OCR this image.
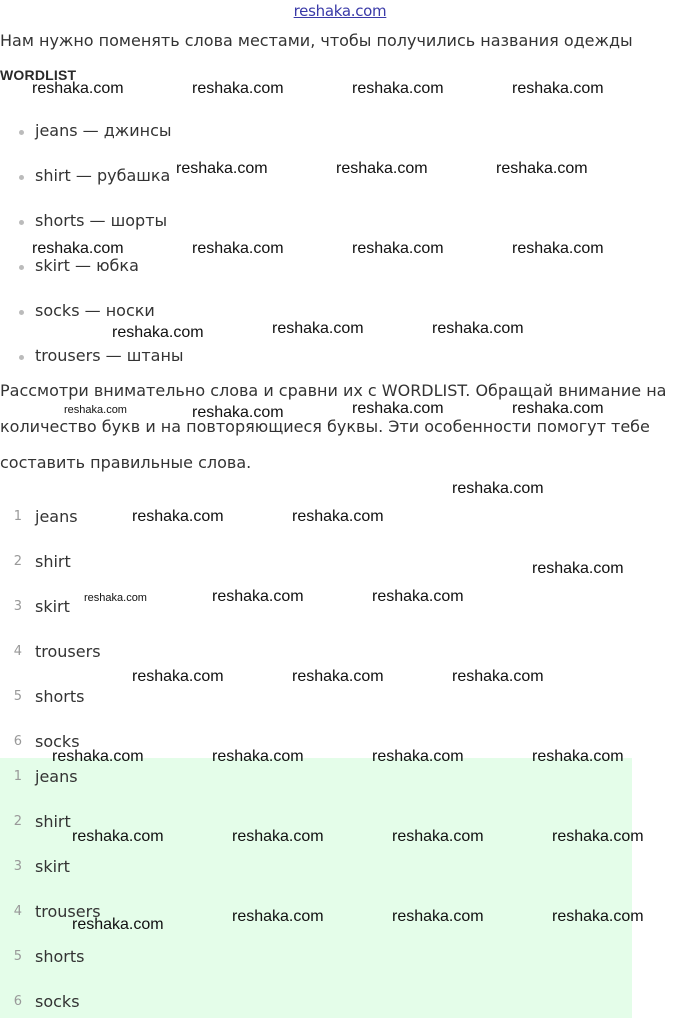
reshaka.com
Нам нужно поменять слова местами, чтобы получились названия одежды
WORDLIST
jeans — джинсы
shirt — рубашка
shorts — шорты
skirt — юбка
socks — носки
trousers — штаны
Рассмотри внимательно слова и сравни их с WORDLIST. Обращай внимание на
количество букв и на повторяющиеся буквы. Эти особенности помогут тебе
составить правильные слова.
1 jeans
2 shirt
3 skirt
4 trousers
5 shorts
6 socks
1 jeans
2 shirt
3 skirt
4 trousers
5 shorts
6 socks
reshaka.com	reshaka.com	reshaka.com	reshaka.com
reshaka.com	reshaka.com	reshaka.com
reshaka.com	reshaka.com	reshaka.com	reshaka.com
reshaka.com	reshaka.com	reshaka.com
reshaka.com	reshaka.com	reshaka.com	reshaka.com
reshaka.com
reshaka.com	reshaka.com
reshaka.com
reshaka.com	reshaka.com	reshaka.com
reshaka.com	reshaka.com	reshaka.com
reshaka.com	reshaka.com	reshaka.com	reshaka.com
reshaka.com	reshaka.com	reshaka.com	reshaka.com
reshaka.com	reshaka.com	reshaka.com	reshaka.com
